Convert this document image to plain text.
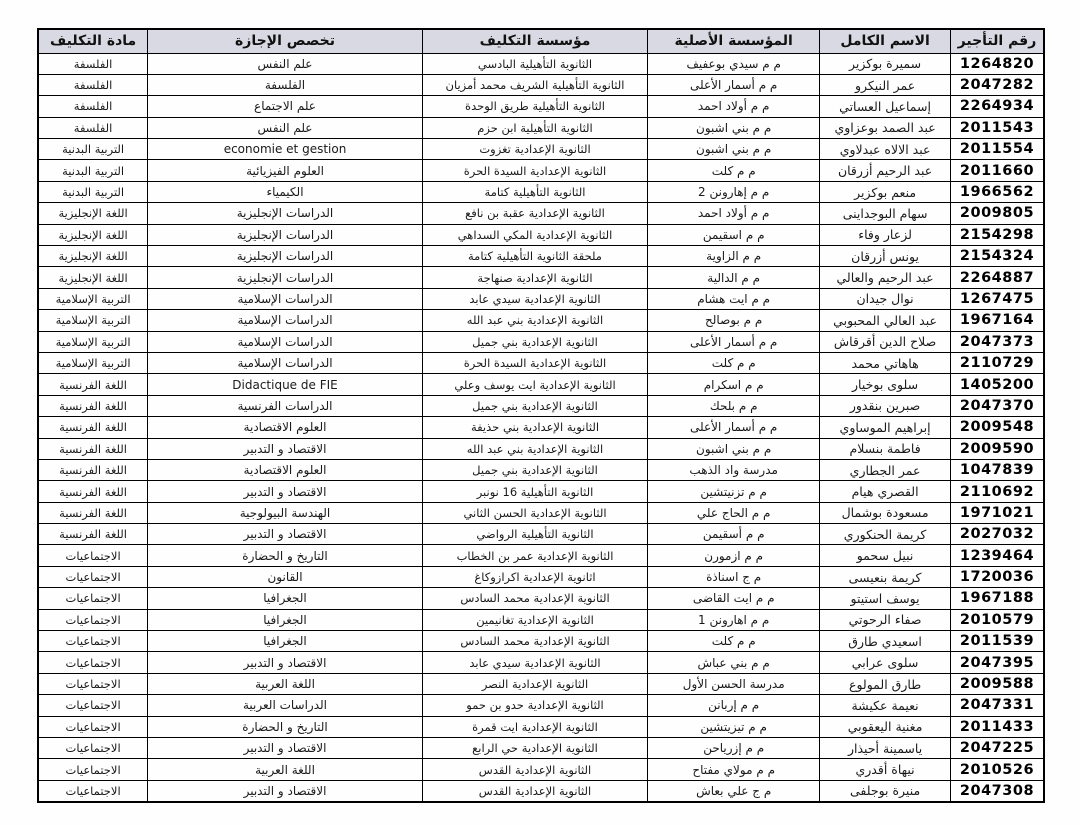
رقم التأجير	الاسم الكامل	المؤسسة الأصلية	مؤسسة التكليف	تخصص الإجازة	مادة التكليف
1264820	سميرة بوكزير	م م سيدي بوعفيف	الثانوية التأهيلية البادسي	علم النفس	الفلسفة
2047282	عمر النيكرو	م م أسمار الأعلى	الثانوية التأهيلية الشريف محمد أمزيان	الفلسفة	الفلسفة
2264934	إسماعيل العساتي	م م أولاد احمد	الثانوية التأهيلية طريق الوحدة	علم الاجتماع	الفلسفة
2011543	عبد الصمد بوعزاوي	م م بني اشبون	الثانوية التأهيلية ابن حزم	علم النفس	الفلسفة
2011554	عبد الالاه عبدلاوي	م م بني اشبون	الثانوية الإعدادية تغزوت	economie et gestion	التربية البدنية
2011660	عبد الرحيم أزرقان	م م كلت	الثانوية الإعدادية السيدة الحرة	العلوم الفيزيائية	التربية البدنية
1966562	منعم بوكزير	م م إهارونن 2	الثانوية التأهيلية كتامة	الكيمياء	التربية البدنية
2009805	سهام البوجداينى	م م أولاد احمد	الثانوية الإعدادية عقبة بن نافع	الدراسات الإنجليزية	اللغة الإنجليزية
2154298	لزعار وفاء	م م اسقيمن	الثانوية الإعدادية المكي السداهي	الدراسات الإنجليزية	اللغة الإنجليزية
2154324	يونس أزرقان	م م الزاوية	ملحقة الثانوية التأهيلية كتامة	الدراسات الإنجليزية	اللغة الإنجليزية
2264887	عبد الرحيم والعالي	م م الدالية	الثانوية الإعدادية صنهاجة	الدراسات الإنجليزية	اللغة الإنجليزية
1267475	نوال جيدان	م م ايت هشام	الثانوية الإعدادية سيدي عابد	الدراسات الإسلامية	التربية الإسلامية
1967164	عبد العالي المحبوبي	م م بوصالح	الثانوية الإعدادية بني عبد الله	الدراسات الإسلامية	التربية الإسلامية
2047373	صلاح الدين أقرقاش	م م أسمار الأعلى	الثانوية الإعدادية بني جميل	الدراسات الإسلامية	التربية الإسلامية
2110729	هاهاتي محمد	م م كلت	الثانوية الإعدادية السيدة الحرة	الدراسات الإسلامية	التربية الإسلامية
1405200	سلوى بوخيار	م م اسكرام	الثانوية الإعدادية ايت يوسف وعلي	Didactique de FIE	اللغة الفرنسية
2047370	صبرين بنقدور	م م بلحك	الثانوية الإعدادية بني جميل	الدراسات الفرنسية	اللغة الفرنسية
2009548	إبراهيم الموساوي	م م أسمار الأعلى	الثانوية الإعدادية بني حذيفة	العلوم الاقتصادية	اللغة الفرنسية
2009590	فاطمة بنسلام	م م بني اشبون	الثانوية الإعدادية بني عبد الله	الاقتصاد و التدبير	اللغة الفرنسية
1047839	عمر الجطاري	مدرسة واد الذهب	الثانوية الإعدادية بني جميل	العلوم الاقتصادية	اللغة الفرنسية
2110692	القصري هيام	م م تزنيتشين	الثانوية التأهيلية 16 نونبر	الاقتصاد و التدبير	اللغة الفرنسية
1971021	مسعودة بوشمال	م م الحاج علي	الثانوية الإعدادية الحسن الثاني	الهندسة البيولوجية	اللغة الفرنسية
2027032	كريمة الحنكوري	م م أسقيمن	الثانوية التأهيلية الرواضي	الاقتصاد و التدبير	اللغة الفرنسية
1239464	نبيل سحمو	م م ازمورن	الثانوية الإعدادية عمر بن الخطاب	التاريخ و الحضارة	الاجتماعيات
1720036	كريمة بنعيسى	م ج اسناذة	اثانوية الإعدادية اكرازوكاغ	القانون	الاجتماعيات
1967188	يوسف استيتو	م م ايت القاضى	الثانوية الإعدادية محمد السادس	الجغرافيا	الاجتماعيات
2010579	صفاء الرحوتي	م م اهارونن 1	الثانوية الإعدادية تغانيمين	الجغرافيا	الاجتماعيات
2011539	اسعيدي طارق	م م كلت	الثانوية الإعدادية محمد السادس	الجغرافيا	الاجتماعيات
2047395	سلوى عرابي	م م بني عباش	الثانوية الإعدادية سيدي عابد	الاقتصاد و التدبير	الاجتماعيات
2009588	طارق المولوع	مدرسة الحسن الأول	الثانوية الإعدادية النصر	اللغة العربية	الاجتماعيات
2047331	نعيمة عكيشة	م م إربانن	الثانوية الإعدادية حدو بن حمو	الدراسات العربية	الاجتماعيات
2011433	مغنية اليعقوبي	م م تيزيتشين	الثانوية الإعدادية ايت قمرة	التاريخ و الحضارة	الاجتماعيات
2047225	ياسمينة أحيذار	م م إزرياحن	الثانوية الإعدادية حي الرابع	الاقتصاد و التدبير	الاجتماعيات
2010526	نيهاة أقدري	م م مولاي مفتاح	الثانوية الإعدادية القدس	اللغة العربية	الاجتماعيات
2047308	منيرة بوجلفى	م ج علي بعاش	الثانوية الإعدادية القدس	الاقتصاد و التدبير	الاجتماعيات
